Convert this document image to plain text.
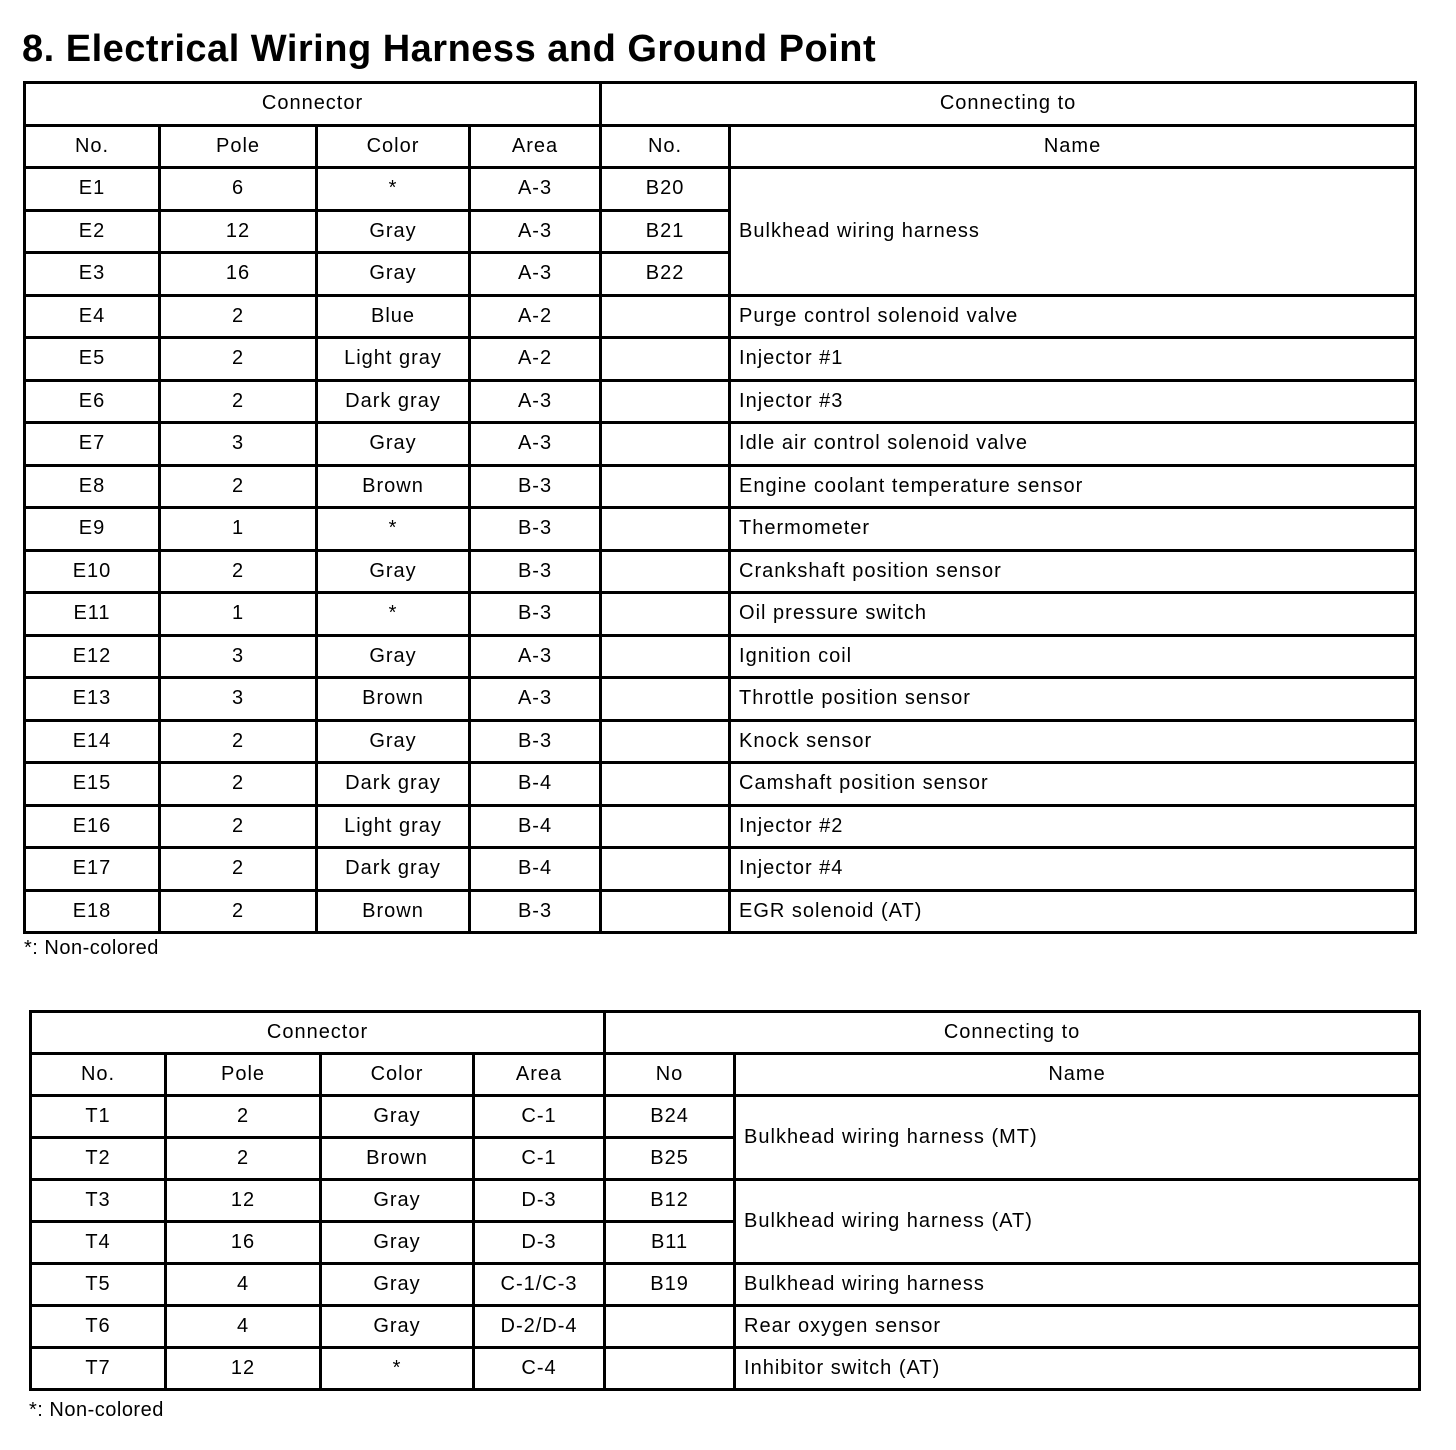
8. Electrical Wiring Harness and Ground Point
Connector				Connecting to	
No.	Pole	Color	Area	No.	Name
E1	6	*	A-3	B20	Bulkhead wiring harness
E2	12	Gray	A-3	B21	
E3	16	Gray	A-3	B22	
E4	2	Blue	A-2		Purge control solenoid valve
E5	2	Light gray	A-2		Injector #1
E6	2	Dark gray	A-3		Injector #3
E7	3	Gray	A-3		Idle air control solenoid valve
E8	2	Brown	B-3		Engine coolant temperature sensor
E9	1	*	B-3		Thermometer
E10	2	Gray	B-3		Crankshaft position sensor
E11	1	*	B-3		Oil pressure switch
E12	3	Gray	A-3		Ignition coil
E13	3	Brown	A-3		Throttle position sensor
E14	2	Gray	B-3		Knock sensor
E15	2	Dark gray	B-4		Camshaft position sensor
E16	2	Light gray	B-4		Injector #2
E17	2	Dark gray	B-4		Injector #4
E18	2	Brown	B-3		EGR solenoid (AT)
*: Non-colored
Connector				Connecting to	
No.	Pole	Color	Area	No	Name
T1	2	Gray	C-1	B24	Bulkhead wiring harness (MT)
T2	2	Brown	C-1	B25	
T3	12	Gray	D-3	B12	Bulkhead wiring harness (AT)
T4	16	Gray	D-3	B11	
T5	4	Gray	C-1/C-3	B19	Bulkhead wiring harness
T6	4	Gray	D-2/D-4		Rear oxygen sensor
T7	12	*	C-4		Inhibitor switch (AT)
*: Non-colored
